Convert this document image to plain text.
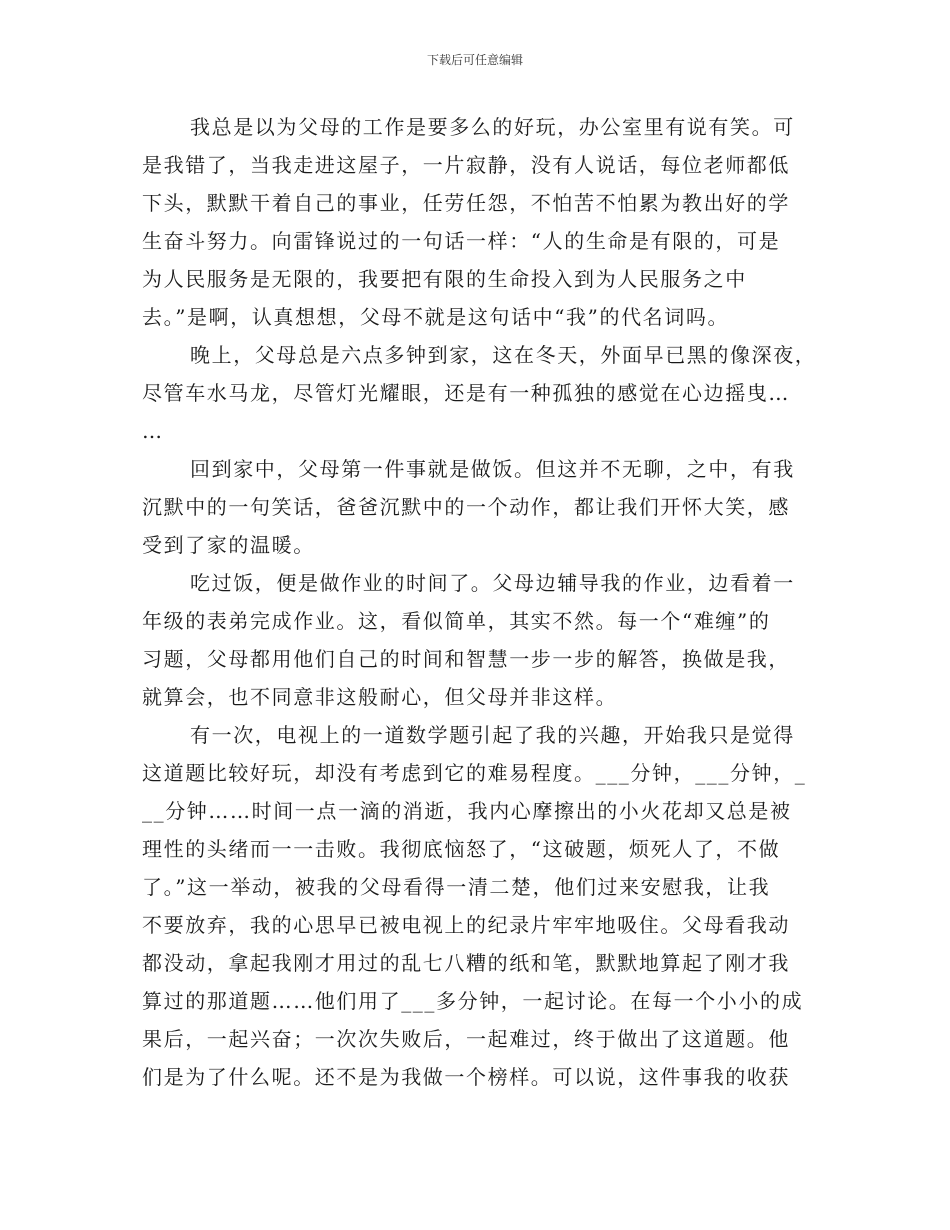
下载后可任意编辑
我总是以为父母的工作是要多么的好玩，办公室里有说有笑。可
是我错了，当我走进这屋子，一片寂静，没有人说话，每位老师都低
下头，默默干着自己的事业，任劳任怨，不怕苦不怕累为教出好的学
生奋斗努力。向雷锋说过的一句话一样：“人的生命是有限的，可是
为人民服务是无限的，我要把有限的生命投入到为人民服务之中
去。”是啊，认真想想，父母不就是这句话中“我”的代名词吗。
晚上，父母总是六点多钟到家，这在冬天，外面早已黑的像深夜，
尽管车水马龙，尽管灯光耀眼，还是有一种孤独的感觉在心边摇曳…
…
回到家中，父母第一件事就是做饭。但这并不无聊，之中，有我
沉默中的一句笑话，爸爸沉默中的一个动作，都让我们开怀大笑，感
受到了家的温暖。
吃过饭，便是做作业的时间了。父母边辅导我的作业，边看着一
年级的表弟完成作业。这，看似简单，其实不然。每一个“难缠”的
习题，父母都用他们自己的时间和智慧一步一步的解答，换做是我，
就算会，也不同意非这般耐心，但父母并非这样。
有一次，电视上的一道数学题引起了我的兴趣，开始我只是觉得
这道题比较好玩，却没有考虑到它的难易程度。___分钟，___分钟，_
__分钟……时间一点一滴的消逝，我内心摩擦出的小火花却又总是被
理性的头绪而一一击败。我彻底恼怒了，“这破题，烦死人了，不做
了。”这一举动，被我的父母看得一清二楚，他们过来安慰我，让我
不要放弃，我的心思早已被电视上的纪录片牢牢地吸住。父母看我动
都没动，拿起我刚才用过的乱七八糟的纸和笔，默默地算起了刚才我
算过的那道题……他们用了___多分钟，一起讨论。在每一个小小的成
果后，一起兴奋；一次次失败后，一起难过，终于做出了这道题。他
们是为了什么呢。还不是为我做一个榜样。可以说，这件事我的收获
